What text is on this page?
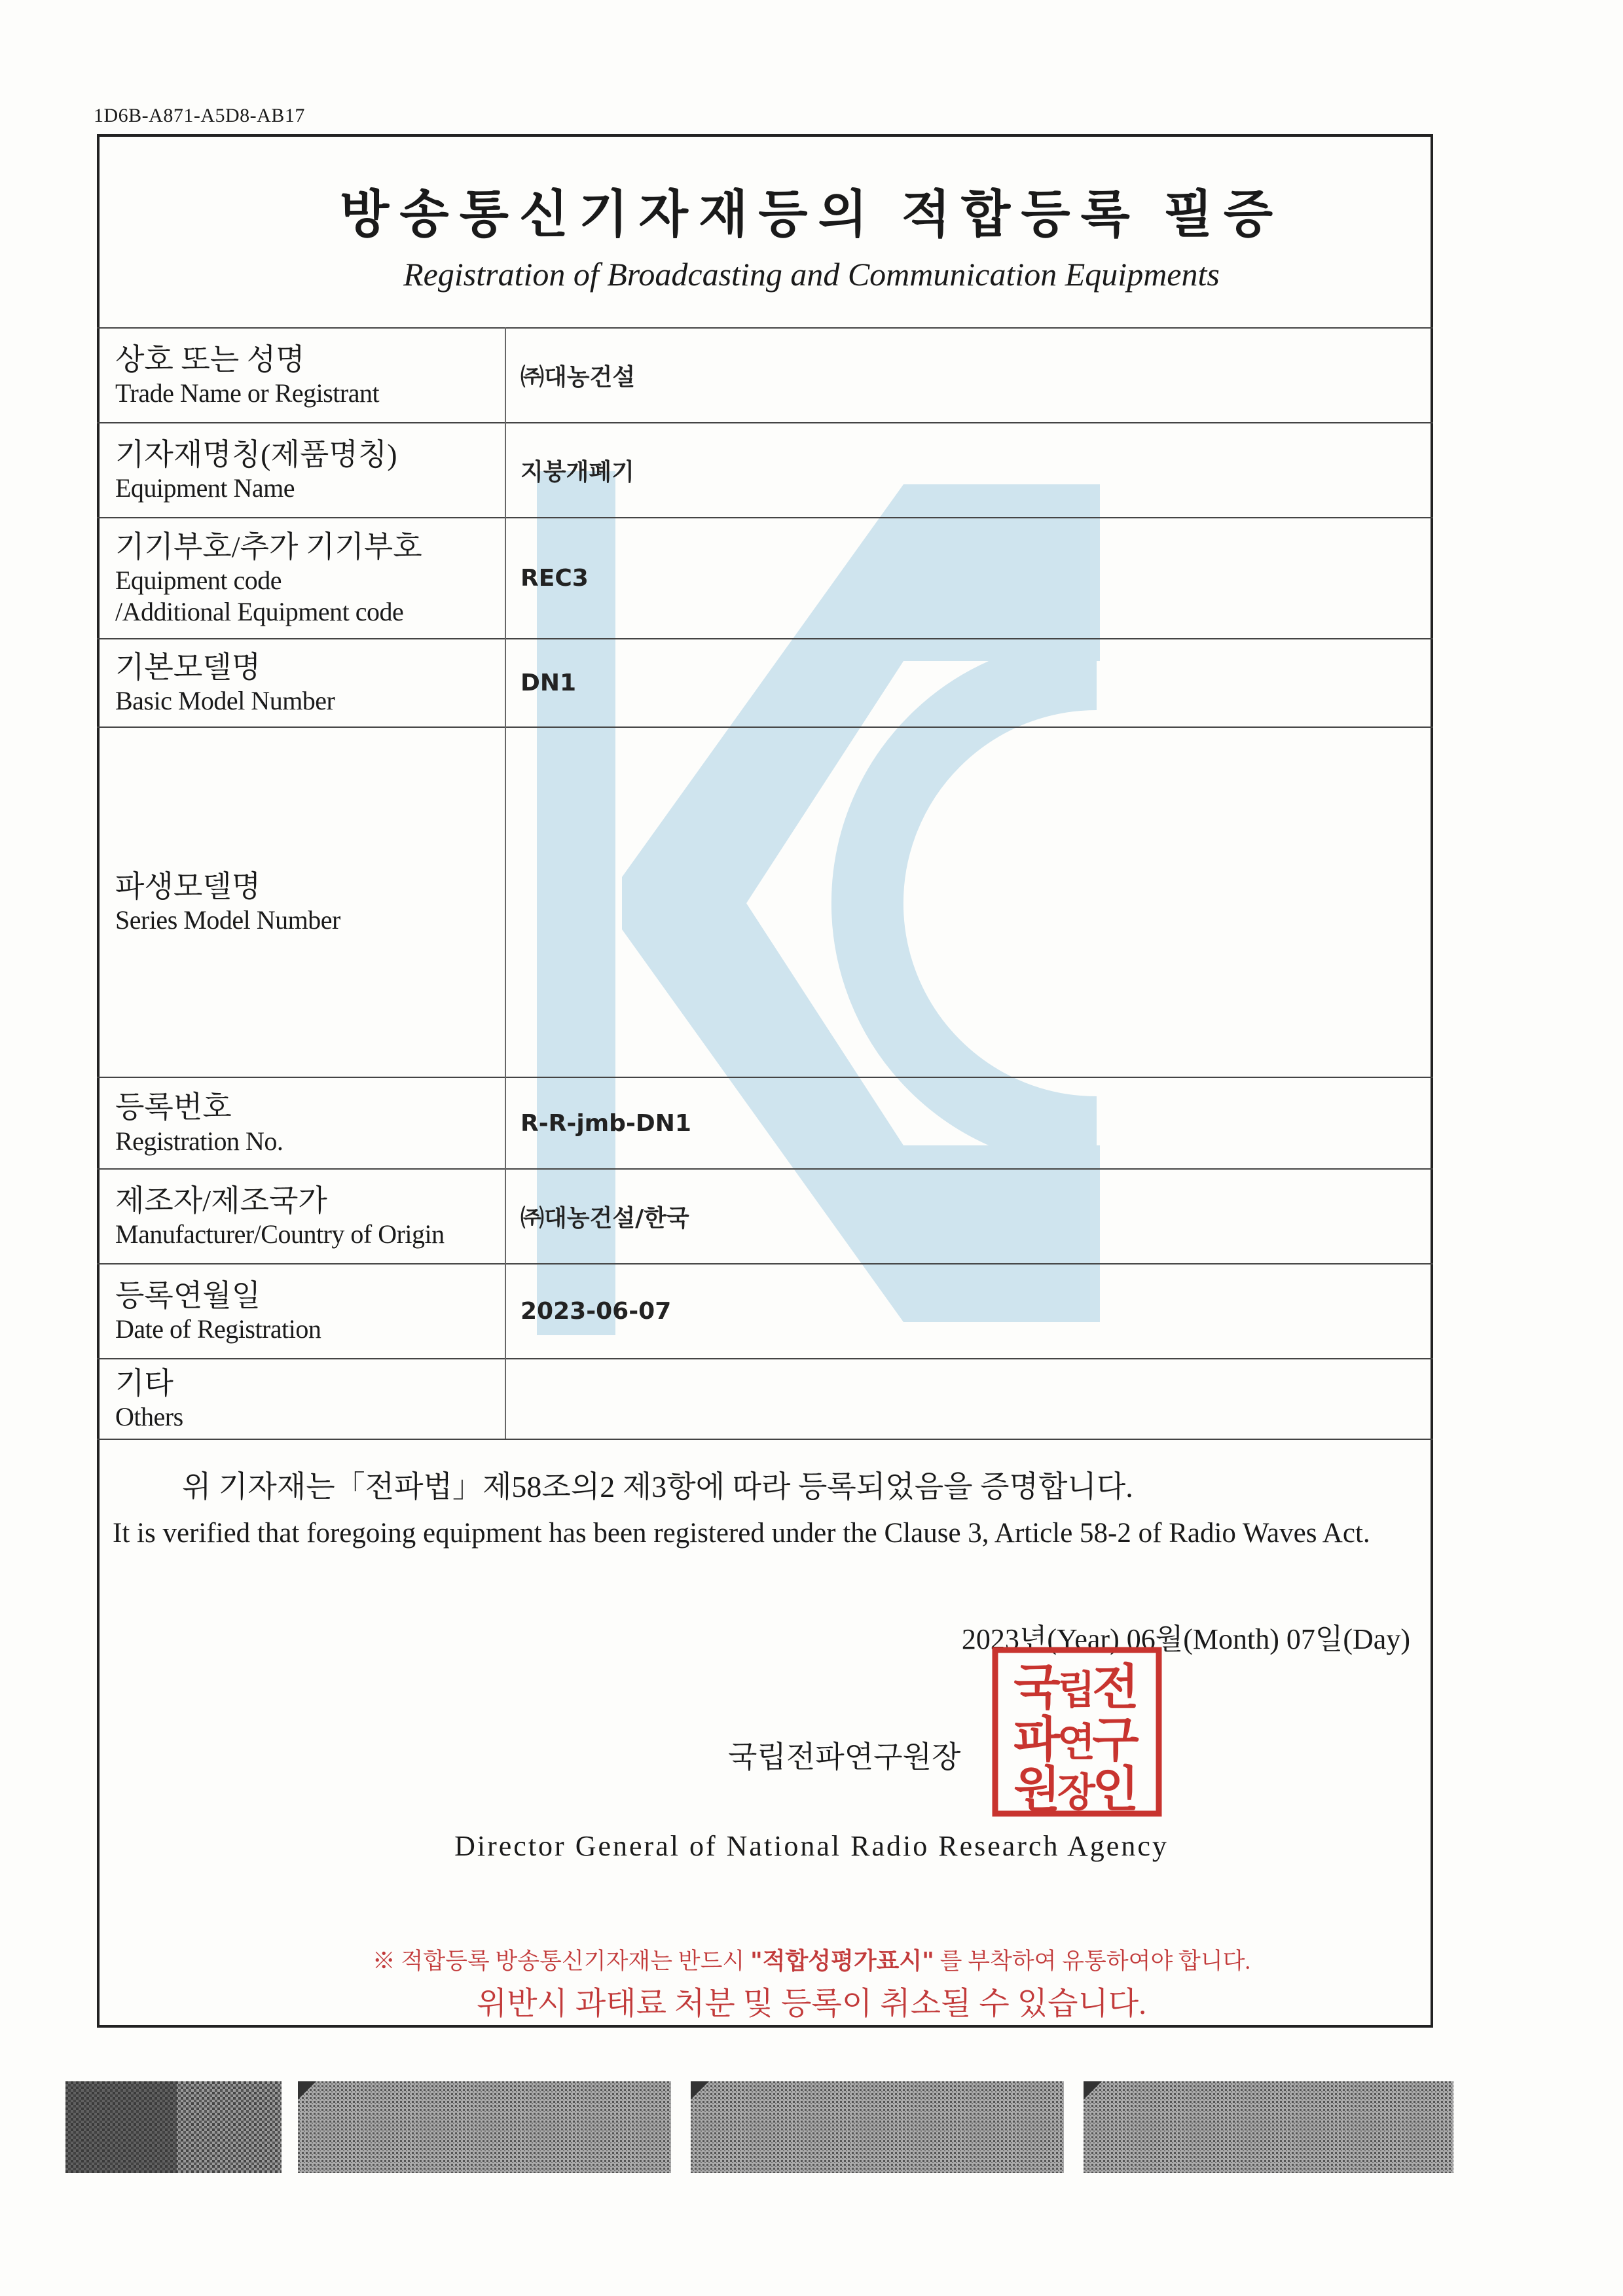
1D6B-A871-A5D8-AB17
방송통신기자재등의 적합등록 필증
Registration of Broadcasting and Communication Equipments
상호 또는 성명
Trade Name or Registrant	㈜대농건설

기자재명칭(제품명칭)
Equipment Name	지붕개폐기

기기부호/추가 기기부호
Equipment code
/Additional Equipment code	REC3

기본모델명
Basic Model Number	DN1

파생모델명
Series Model Number	

등록번호
Registration No.	R-R-jmb-DN1

제조자/제조국가
Manufacturer/Country of Origin	㈜대농건설/한국

등록연월일
Date of Registration	2023-06-07

기타
Others	

위 기자재는「전파법」제58조의2 제3항에 따라 등록되었음을 증명합니다.
It is verified that foregoing equipment has been registered under the Clause 3, Article 58-2 of Radio Waves Act.
2023년(Year) 06월(Month) 07일(Day)
국립전파연구원장
국 전
립
파
연
구
원
장
인
Director General of National Radio Research Agency
※ 적합등록 방송통신기자재는 반드시 "적합성평가표시" 를 부착하여 유통하여야 합니다.
위반시 과태료 처분 및 등록이 취소될 수 있습니다.
